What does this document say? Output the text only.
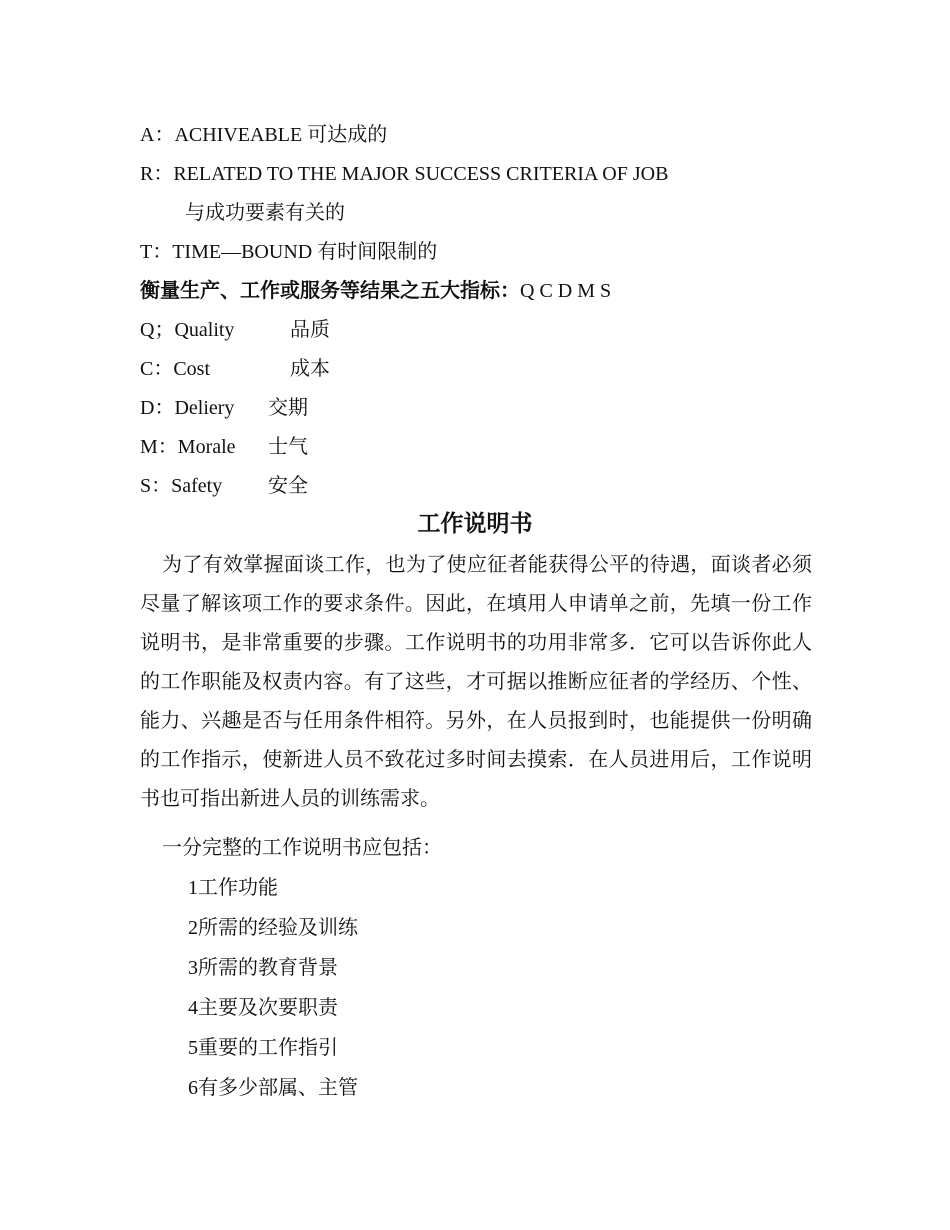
A：ACHIVEABLE 可达成的
R：RELATED TO THE MAJOR SUCCESS CRITERIA OF JOB
与成功要素有关的
T：TIME—BOUND 有时间限制的
衡量生产、工作或服务等结果之五大指标：Q C D M S
Q；Quality	品质
C：Cost	成本
D：Deliery 交期
M：Morale 士气
S：Safety 安全
工作说明书
为了有效掌握面谈工作，也为了使应征者能获得公平的待遇，面谈者必须尽量了解该项工作的要求条件。因此，在填用人申请单之前，先填一份工作说明书，是非常重要的步骤。工作说明书的功用非常多．它可以告诉你此人的工作职能及权责内容。有了这些，才可据以推断应征者的学经历、个性、能力、兴趣是否与任用条件相符。另外，在人员报到时，也能提供一份明确的工作指示，使新进人员不致花过多时间去摸索．在人员进用后，工作说明书也可指出新进人员的训练需求。
一分完整的工作说明书应包括：
1工作功能
2所需的经验及训练
3所需的教育背景
4主要及次要职责
5重要的工作指引
6有多少部属、主管
